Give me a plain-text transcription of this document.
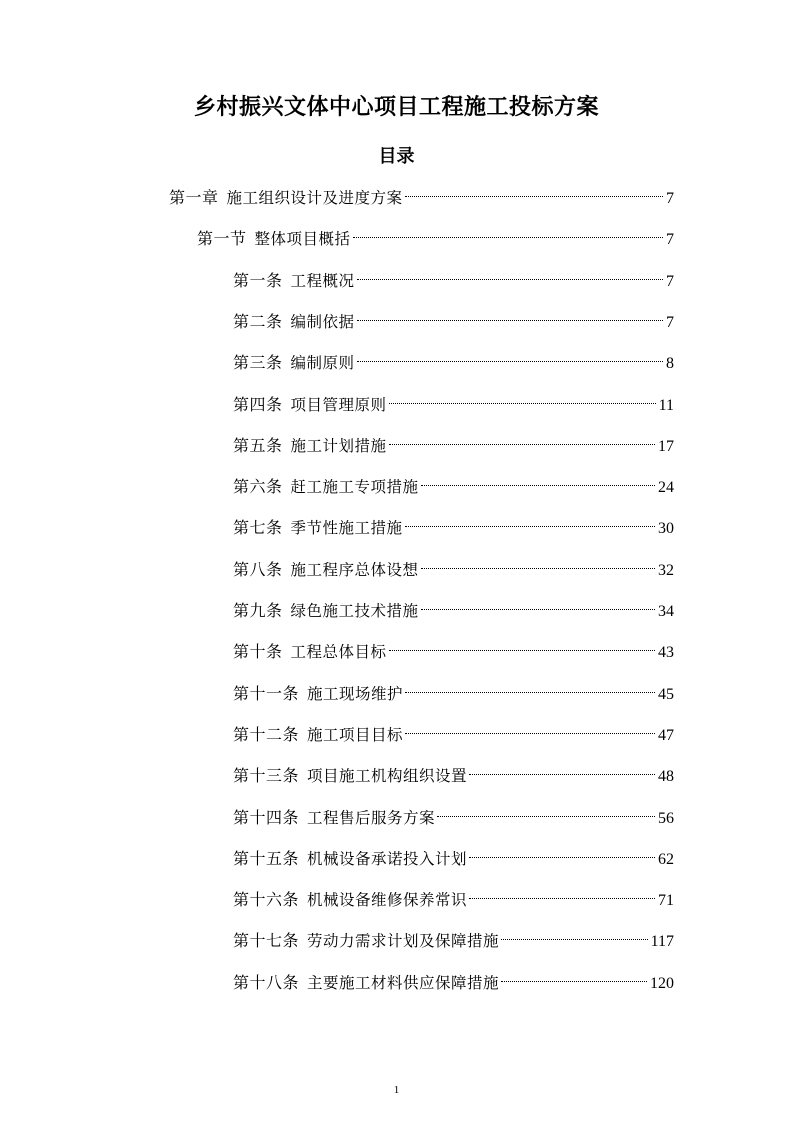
乡村振兴文体中心项目工程施工投标方案
目录
第一章 施工组织设计及进度方案	7
第一节 整体项目概括	7
第一条 工程概况	7
第二条 编制依据	7
第三条 编制原则	8
第四条 项目管理原则	11
第五条 施工计划措施	17
第六条 赶工施工专项措施	24
第七条 季节性施工措施	30
第八条 施工程序总体设想	32
第九条 绿色施工技术措施	34
第十条 工程总体目标	43
第十一条 施工现场维护	45
第十二条 施工项目目标	47
第十三条 项目施工机构组织设置	48
第十四条 工程售后服务方案	56
第十五条 机械设备承诺投入计划	62
第十六条 机械设备维修保养常识	71
第十七条 劳动力需求计划及保障措施	117
第十八条 主要施工材料供应保障措施	120
1
